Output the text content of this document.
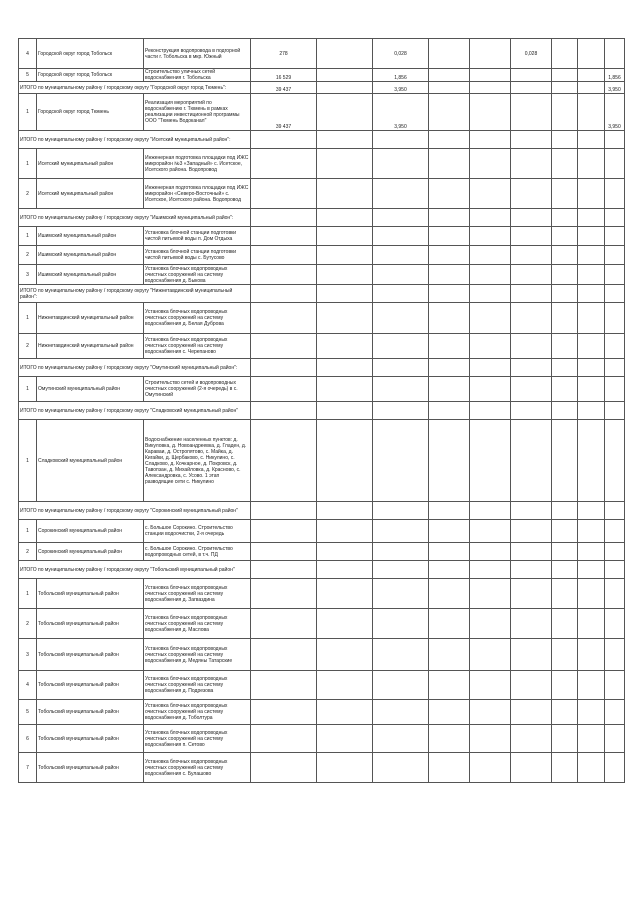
4	Городской округ город Тобольск	Реконструкция водопровода в подгорной части г. Тобольска в мкр. Южный	278		0,028			0,028			
5	Городской округ город Тобольск	Строительство уличных сетей водоснабжения г. Тобольска	16 529		1,856						1,856
ИТОГО по муниципальному району / городскому округу "Городской округ город Тюмень":			39 437		3,950						3,950
1	Городской округ город Тюмень	Реализация мероприятий по водоснабжению г. Тюмень в рамках реализации инвестиционной программы ООО "Тюмень Водоканал"	39 437		3,950						3,950
ИТОГО по муниципальному району / городскому округу "Исетский муниципальный район":											
1	Исетский муниципальный район	Инженерная подготовка площадки под ИЖС микрорайон №3 «Западный» с. Исетское, Исетского района. Водопровод									
2	Исетский муниципальный район	Инженерная подготовка площадки под ИЖС микрорайон «Северо-Восточный» с. Исетское, Исетского района. Водопровод									
ИТОГО по муниципальному району / городскому округу "Ишимский муниципальный район":											
1	Ишимский муниципальный район	Установка блочной станции подготовки чистой питьевой воды п. Дом Отдыха									
2	Ишимский муниципальный район	Установка блочной станции подготовки чистой питьевой воды с. Бутусово									
3	Ишимский муниципальный район	Установка блочных водопроводных очистных сооружений на систему водоснабжения д. Быкова									
ИТОГО по муниципальному району / городскому округу "Нижнетавдинский муниципальный район":											
1	Нижнетавдинский муниципальный район	Установка блочных водопроводных очистных сооружений на систему водоснабжения д. Белая Дуброва									
2	Нижнетавдинский муниципальный район	Установка блочных водопроводных очистных сооружений на систему водоснабжения с. Черепаново									
ИТОГО по муниципальному району / городскому округу "Омутинский муниципальный район":											
1	Омутинский муниципальный район	Строительство сетей и водопроводных очистных сооружений (2-я очередь) в с. Омутинский									
ИТОГО по муниципальному району / городскому округу "Сладковский муниципальный район"											
1	Сладковский муниципальный район	Водоснабжение населенных пунктов: д. Викуловка, д. Новоандреевка, д. Гладен, д. Караваи, д. Остропятово, с. Майка, д. Кигайки, д. Щербаково, с. Никулино, с. Сладково, д. Кочкарное, д. Покровск, д. Тавопзан, д. Михайловка, д. Красново, с. Александровка, с. Усово. 1 этап разводящие сети с. Никулино									
ИТОГО по муниципальному району / городскому округу "Сорокинский муниципальный район"											
1	Сорокинский муниципальный район	с. Большое Сорокино. Строительство станции водоочистки, 2-я очередь									
2	Сорокинский муниципальный район	с. Большое Сорокино. Строительство водопроводных сетей, в т.ч. ПД									
ИТОГО по муниципальному району / городскому округу "Тобольский муниципальный район"											
1	Тобольский муниципальный район	Установка блочных водопроводных очистных сооружений на систему водоснабжения д. Загваздина									
2	Тобольский муниципальный район	Установка блочных водопроводных очистных сооружений на систему водоснабжения д. Маслова									
3	Тобольский муниципальный район	Установка блочных водопроводных очистных сооружений на систему водоснабжения д. Медяны Татарские									
4	Тобольский муниципальный район	Установка блочных водопроводных очистных сооружений на систему водоснабжения д. Подрезова									
5	Тобольский муниципальный район	Установка блочных водопроводных очистных сооружений на систему водоснабжения д. Тоболтура									
6	Тобольский муниципальный район	Установка блочных водопроводных очистных сооружений на систему водоснабжения п. Сетово									
7	Тобольский муниципальный район	Установка блочных водопроводных очистных сооружений на систему водоснабжения с. Булашово									
